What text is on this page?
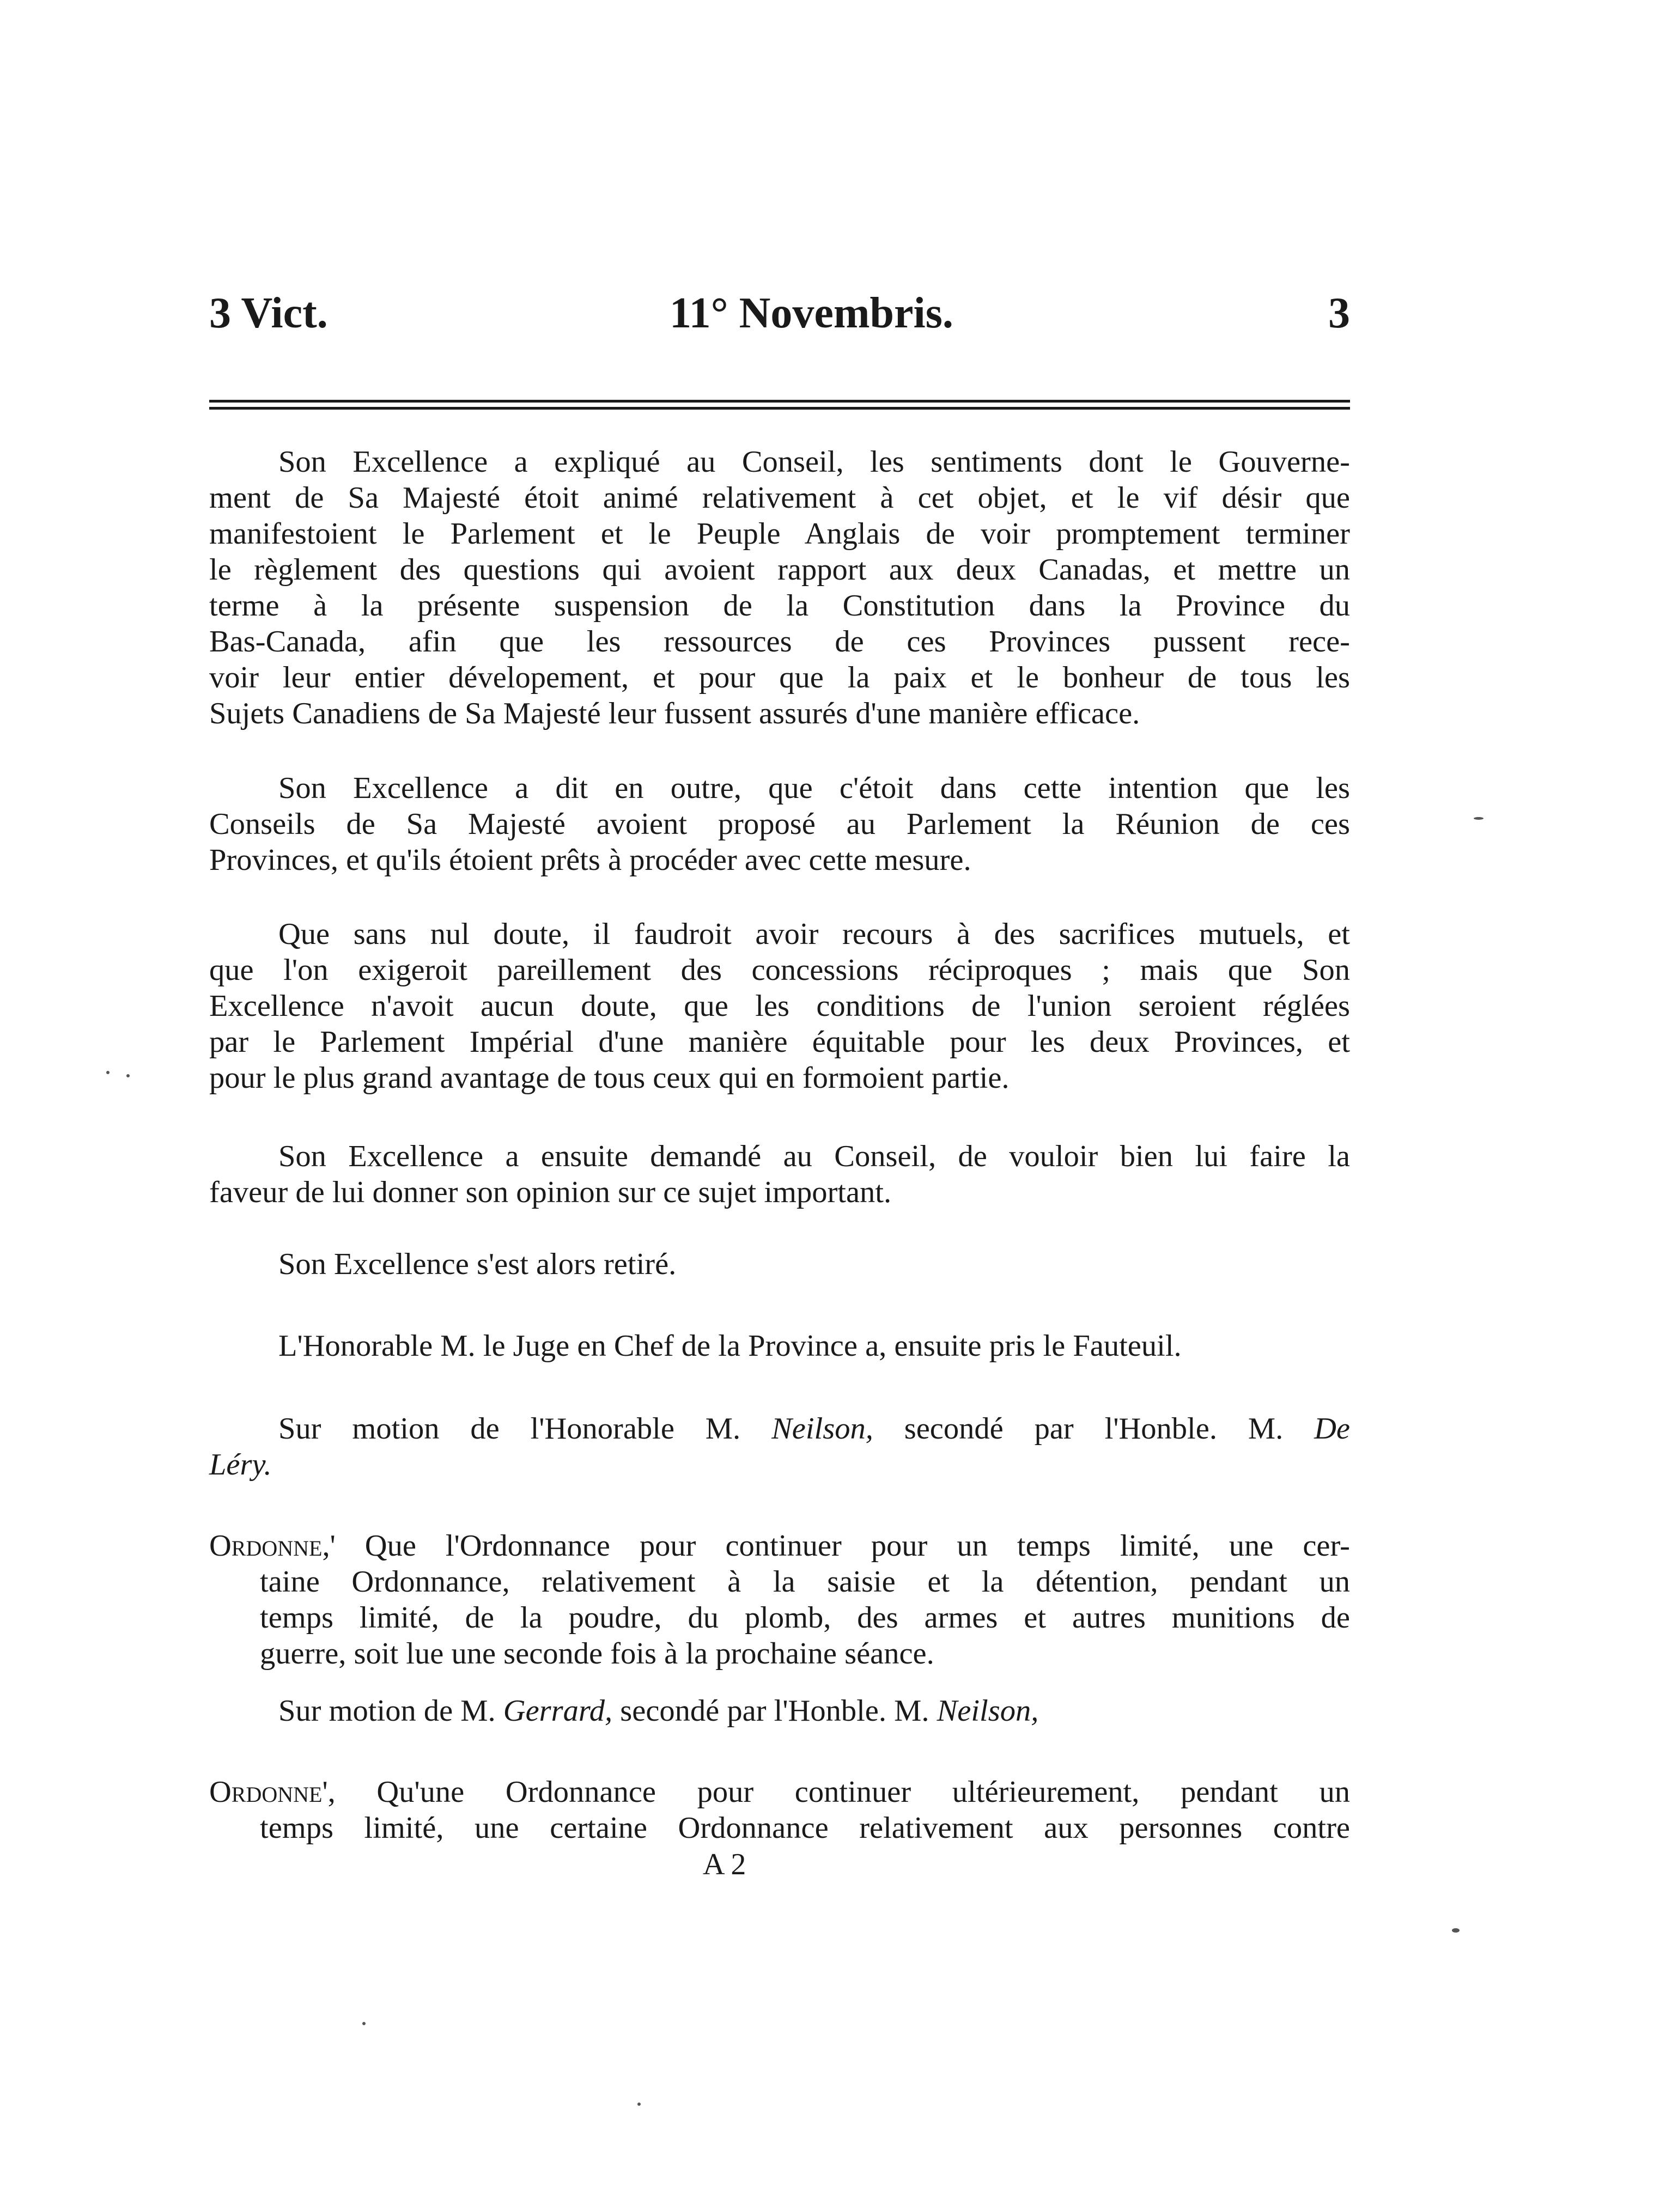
3 Vict.	11° Novembris.	3
Son Excellence a expliqué au Conseil, les sentiments dont le Gouverne-
ment de Sa Majesté étoit animé relativement à cet objet, et le vif désir que
manifestoient le Parlement et le Peuple Anglais de voir promptement terminer
le règlement des questions qui avoient rapport aux deux Canadas, et mettre un
terme à la présente suspension de la Constitution dans la Province du
Bas-Canada, afin que les ressources de ces Provinces pussent rece-
voir leur entier dévelopement, et pour que la paix et le bonheur de tous les
Sujets Canadiens de Sa Majesté leur fussent assurés d'une manière efficace.
Son Excellence a dit en outre, que c'étoit dans cette intention que les
Conseils de Sa Majesté avoient proposé au Parlement la Réunion de ces
Provinces, et qu'ils étoient prêts à procéder avec cette mesure.
Que sans nul doute, il faudroit avoir recours à des sacrifices mutuels, et
que l'on exigeroit pareillement des concessions réciproques ; mais que Son
Excellence n'avoit aucun doute, que les conditions de l'union seroient réglées
par le Parlement Impérial d'une manière équitable pour les deux Provinces, et
pour le plus grand avantage de tous ceux qui en formoient partie.
Son Excellence a ensuite demandé au Conseil, de vouloir bien lui faire la
faveur de lui donner son opinion sur ce sujet important.
Son Excellence s'est alors retiré.
L'Honorable M. le Juge en Chef de la Province a, ensuite pris le Fauteuil.
Sur motion de l'Honorable M. Neilson, secondé par l'Honble. M. De
Léry.
Ordonne,' Que l'Ordonnance pour continuer pour un temps limité, une cer-
taine Ordonnance, relativement à la saisie et la détention, pendant un
temps limité, de la poudre, du plomb, des armes et autres munitions de
guerre, soit lue une seconde fois à la prochaine séance.
Sur motion de M. Gerrard, secondé par l'Honble. M. Neilson,
Ordonne', Qu'une Ordonnance pour continuer ultérieurement, pendant un
temps limité, une certaine Ordonnance relativement aux personnes contre
A 2
